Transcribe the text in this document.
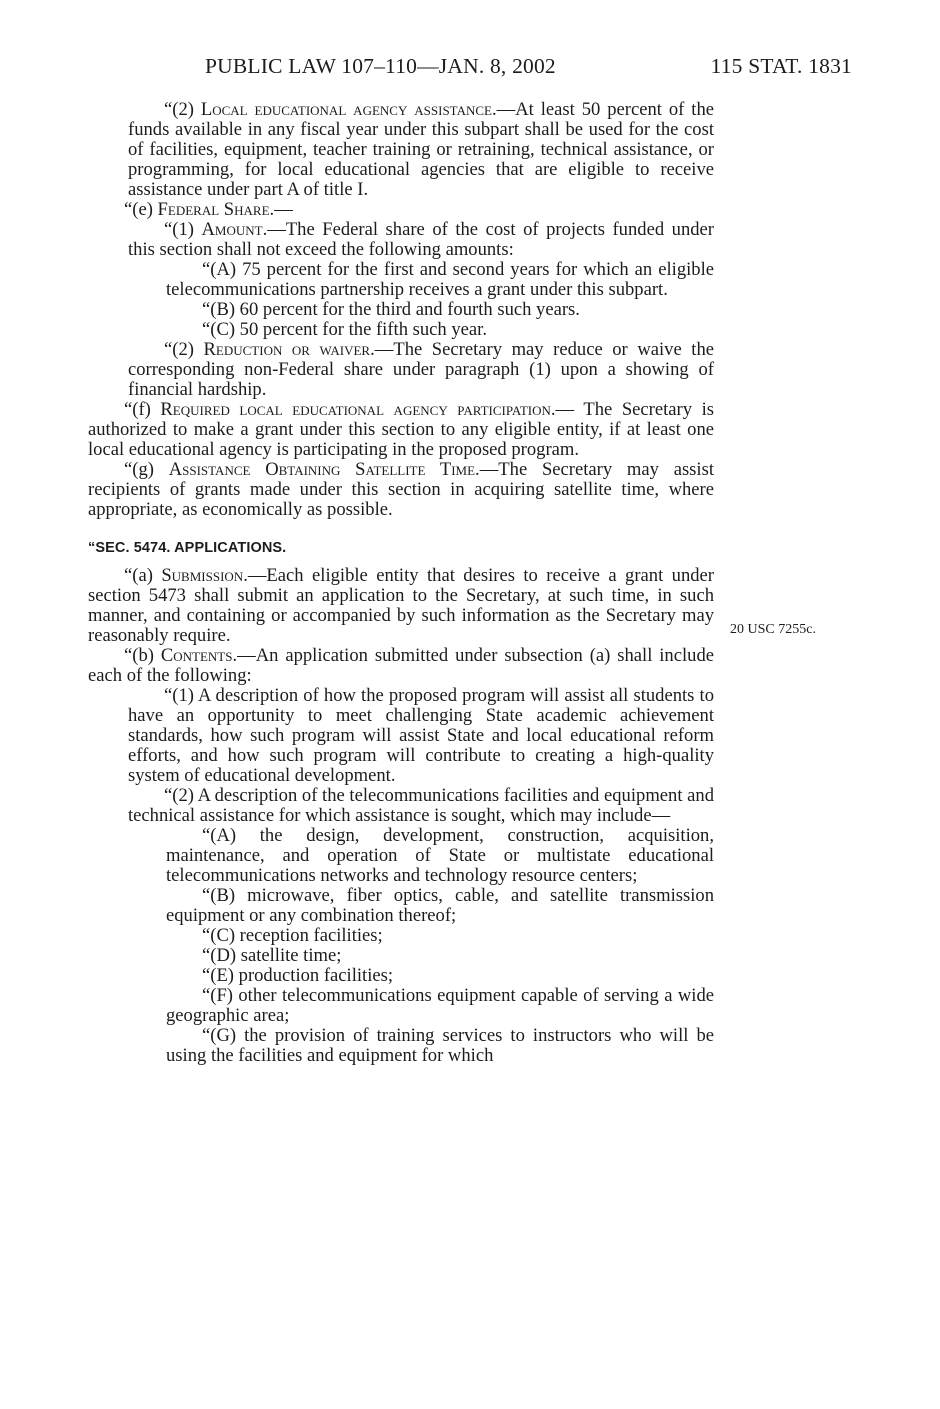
PUBLIC LAW 107–110—JAN. 8, 2002	115 STAT. 1831
20 USC 7255c.

“(2) Local educational agency assistance.—At least 50 percent of the funds available in any fiscal year under this subpart shall be used for the cost of facilities, equipment, teacher training or retraining, technical assistance, or programming, for local educational agencies that are eligible to receive assistance under part A of title I.

“(e) Federal Share.—

“(1) Amount.—The Federal share of the cost of projects funded under this section shall not exceed the following amounts:

“(A) 75 percent for the first and second years for which an eligible telecommunications partnership receives a grant under this subpart.

“(B) 60 percent for the third and fourth such years.

“(C) 50 percent for the fifth such year.

“(2) Reduction or waiver.—The Secretary may reduce or waive the corresponding non-Federal share under paragraph (1) upon a showing of financial hardship.

“(f) Required local educational agency participation.— The Secretary is authorized to make a grant under this section to any eligible entity, if at least one local educational agency is participating in the proposed program.

“(g) Assistance Obtaining Satellite Time.—The Secretary may assist recipients of grants made under this section in acquiring satellite time, where appropriate, as economically as possible.

“SEC. 5474. APPLICATIONS.

“(a) Submission.—Each eligible entity that desires to receive a grant under section 5473 shall submit an application to the Secretary, at such time, in such manner, and containing or accompanied by such information as the Secretary may reasonably require.

“(b) Contents.—An application submitted under subsection (a) shall include each of the following:

“(1) A description of how the proposed program will assist all students to have an opportunity to meet challenging State academic achievement standards, how such program will assist State and local educational reform efforts, and how such program will contribute to creating a high-quality system of educational development.

“(2) A description of the telecommunications facilities and equipment and technical assistance for which assistance is sought, which may include—

“(A) the design, development, construction, acquisition, maintenance, and operation of State or multistate educational telecommunications networks and technology resource centers;

“(B) microwave, fiber optics, cable, and satellite transmission equipment or any combination thereof;

“(C) reception facilities;

“(D) satellite time;

“(E) production facilities;

“(F) other telecommunications equipment capable of serving a wide geographic area;

“(G) the provision of training services to instructors who will be using the facilities and equipment for which
